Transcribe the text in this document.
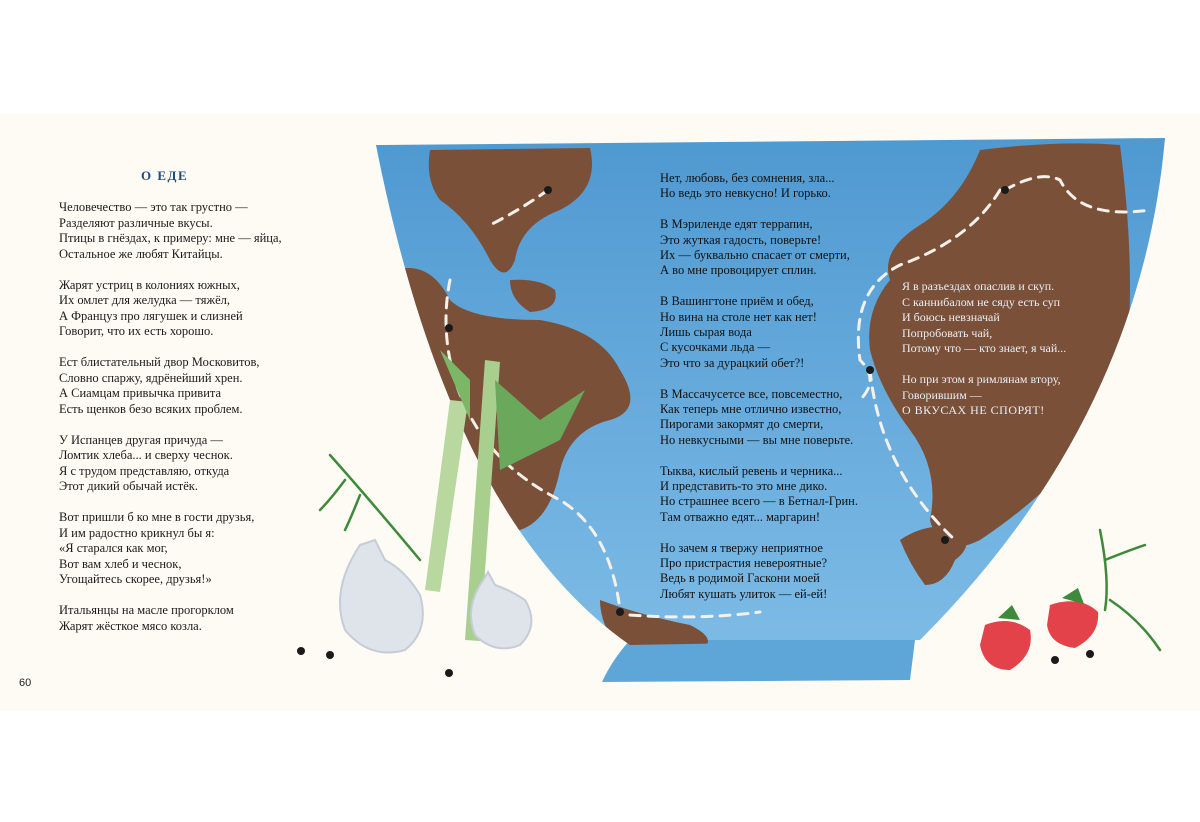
О ЕДЕ
Человечество — это так грустно —
Разделяют различные вкусы.
Птицы в гнёздах, к примеру: мне — яйца,
Остальное же любят Китайцы.
Жарят устриц в колониях южных,
Их омлет для желудка — тяжёл,
А Француз про лягушек и слизней
Говорит, что их есть хорошо.
Ест блистательный двор Московитов,
Словно спаржу, ядрёнейший хрен.
А Сиамцам привычка привита
Есть щенков безо всяких проблем.
У Испанцев другая причуда —
Ломтик хлеба... и сверху чеснок.
Я с трудом представляю, откуда
Этот дикий обычай истёк.
Вот пришли б ко мне в гости друзья,
И им радостно крикнул бы я:
«Я старался как мог,
Вот вам хлеб и чеснок,
Угощайтесь скорее, друзья!»
Итальянцы на масле прогорклом
Жарят жёсткое мясо козла.
Нет, любовь, без сомнения, зла...
Но ведь это невкусно! И горько.
В Мэриленде едят террапин,
Это жуткая гадость, поверьте!
Их — буквально спасает от смерти,
А во мне провоцирует сплин.
В Вашингтоне приём и обед,
Но вина на столе нет как нет!
Лишь сырая вода
С кусочками льда —
Это что за дурацкий обет?!
В Массачусетсе все, повсеместно,
Как теперь мне отлично известно,
Пирогами закормят до смерти,
Но невкусными — вы мне поверьте.
Тыква, кислый ревень и черника...
И представить-то это мне дико.
Но страшнее всего — в Бетнал-Грин.
Там отважно едят... маргарин!
Но зачем я твержу неприятное
Про пристрастия невероятные?
Ведь в родимой Гаскони моей
Любят кушать улиток — ей-ей!
Я в разъездах опаслив и скуп.
С каннибалом не сяду есть суп
И боюсь невзначай
Попробовать чай,
Потому что — кто знает, я чай...
Но при этом я римлянам втору,
Говорившим —
О ВКУСАХ НЕ СПОРЯТ!
60
